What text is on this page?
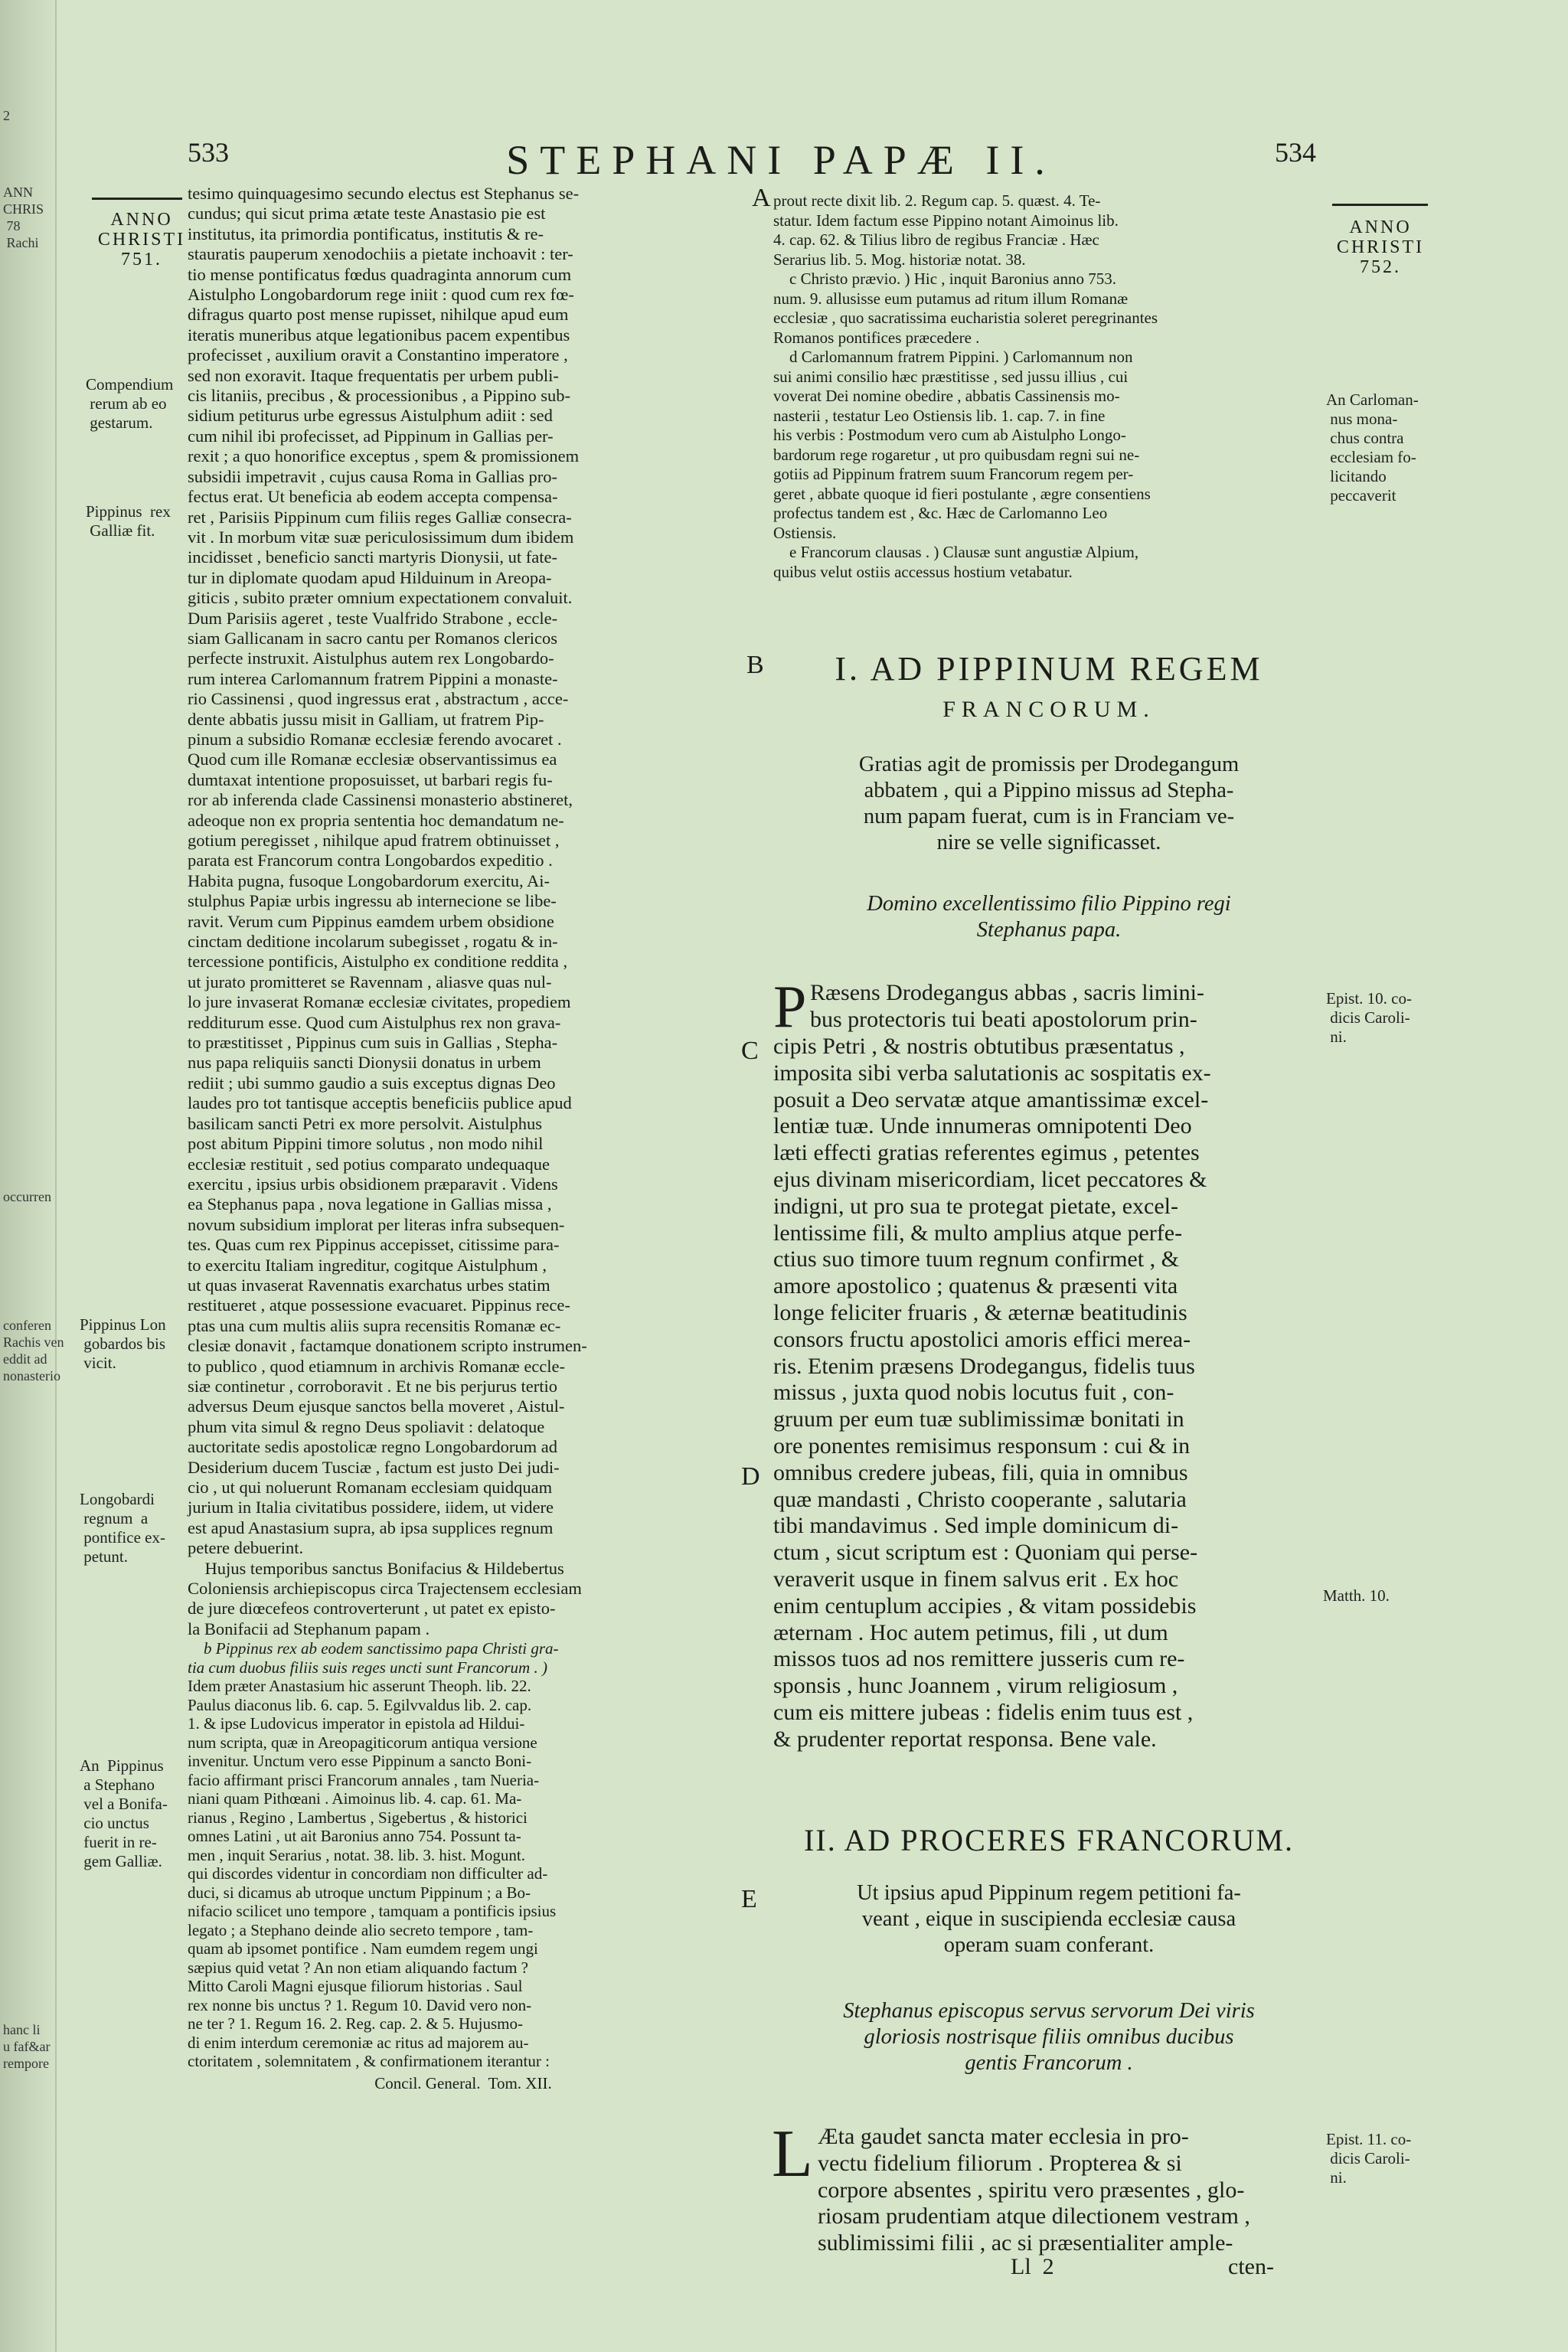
2
ANN
CHRIS
78
Rachi
occurren
conferen
Rachis ven
eddit ad
nonasterio
hanc li
u faf&ar
rempore
533	STEPHANI PAPÆ II.	534
ANNO
CHRISTI
751.
ANNO
CHRISTI
752.
Compendium
rerum ab eo
gestarum.
Pippinus  rex
Galliæ fit.
Pippinus Lon
gobardos bis
vicit.
Longobardi
regnum  a
pontifice ex-
petunt.
An  Pippinus
a Stephano
vel a Bonifa-
cio unctus
fuerit in re-
gem Galliæ.
An Carloman-
nus mona-
chus contra
ecclesiam fo-
licitando
peccaverit
Epist. 10. co-
dicis Caroli-
ni.
Matth. 10.
Epist. 11. co-
dicis Caroli-
ni.
A
B
C
D
E

tesimo quinquagesimo secundo electus est Stephanus se-
cundus; qui sicut prima ætate teste Anastasio pie est
institutus, ita primordia pontificatus, institutis & re-
stauratis pauperum xenodochiis a pietate inchoavit : ter-
tio mense pontificatus fœdus quadraginta annorum cum
Aistulpho Longobardorum rege iniit : quod cum rex fœ-
difragus quarto post mense rupisset, nihilque apud eum
iteratis muneribus atque legationibus pacem expentibus
profecisset , auxilium oravit a Constantino imperatore ,
sed non exoravit. Itaque frequentatis per urbem publi-
cis litaniis, precibus , & processionibus , a Pippino sub-
sidium petiturus urbe egressus Aistulphum adiit : sed
cum nihil ibi profecisset, ad Pippinum in Gallias per-
rexit ; a quo honorifice exceptus , spem & promissionem
subsidii impetravit , cujus causa Roma in Gallias pro-
fectus erat. Ut beneficia ab eodem accepta compensa-
ret , Parisiis Pippinum cum filiis reges Galliæ consecra-
vit . In morbum vitæ suæ periculosissimum dum ibidem
incidisset , beneficio sancti martyris Dionysii, ut fate-
tur in diplomate quodam apud Hilduinum in Areopa-
giticis , subito præter omnium expectationem convaluit.
Dum Parisiis ageret , teste Vualfrido Strabone , eccle-
siam Gallicanam in sacro cantu per Romanos clericos
perfecte instruxit. Aistulphus autem rex Longobardo-
rum interea Carlomannum fratrem Pippini a monaste-
rio Cassinensi , quod ingressus erat , abstractum , acce-
dente abbatis jussu misit in Galliam, ut fratrem Pip-
pinum a subsidio Romanæ ecclesiæ ferendo avocaret .
Quod cum ille Romanæ ecclesiæ observantissimus ea
dumtaxat intentione proposuisset, ut barbari regis fu-
ror ab inferenda clade Cassinensi monasterio abstineret,
adeoque non ex propria sententia hoc demandatum ne-
gotium peregisset , nihilque apud fratrem obtinuisset ,
parata est Francorum contra Longobardos expeditio .
Habita pugna, fusoque Longobardorum exercitu, Ai-
stulphus Papiæ urbis ingressu ab internecione se libe-
ravit. Verum cum Pippinus eamdem urbem obsidione
cinctam deditione incolarum subegisset , rogatu & in-
tercessione pontificis, Aistulpho ex conditione reddita ,
ut jurato promitteret se Ravennam , aliasve quas nul-
lo jure invaserat Romanæ ecclesiæ civitates, propediem
redditurum esse. Quod cum Aistulphus rex non grava-
to præstitisset , Pippinus cum suis in Gallias , Stepha-
nus papa reliquiis sancti Dionysii donatus in urbem
rediit ; ubi summo gaudio a suis exceptus dignas Deo
laudes pro tot tantisque acceptis beneficiis publice apud
basilicam sancti Petri ex more persolvit. Aistulphus
post abitum Pippini timore solutus , non modo nihil
ecclesiæ restituit , sed potius comparato undequaque
exercitu , ipsius urbis obsidionem præparavit . Videns
ea Stephanus papa , nova legatione in Gallias missa ,
novum subsidium implorat per literas infra subsequen-
tes. Quas cum rex Pippinus accepisset, citissime para-
to exercitu Italiam ingreditur, cogitque Aistulphum ,
ut quas invaserat Ravennatis exarchatus urbes statim
restitueret , atque possessione evacuaret. Pippinus rece-
ptas una cum multis aliis supra recensitis Romanæ ec-
clesiæ donavit , factamque donationem scripto instrumen-
to publico , quod etiamnum in archivis Romanæ eccle-
siæ continetur , corroboravit . Et ne bis perjurus tertio
adversus Deum ejusque sanctos bella moveret , Aistul-
phum vita simul & regno Deus spoliavit : delatoque
auctoritate sedis apostolicæ regno Longobardorum ad
Desiderium ducem Tusciæ , factum est justo Dei judi-
cio , ut qui noluerunt Romanam ecclesiam quidquam
jurium in Italia civitatibus possidere, iidem, ut videre
est apud Anastasium supra, ab ipsa supplices regnum
petere debuerint.
Hujus temporibus sanctus Bonifacius & Hildebertus
Coloniensis archiepiscopus circa Trajectensem ecclesiam
de jure diœcefeos controverterunt , ut patet ex episto-
la Bonifacii ad Stephanum papam .

b Pippinus rex ab eodem sanctissimo papa Christi gra-
tia cum duobus filiis suis reges uncti sunt Francorum . )

Idem præter Anastasium hic asserunt Theoph. lib. 22.
Paulus diaconus lib. 6. cap. 5. Egilvvaldus lib. 2. cap.
1. & ipse Ludovicus imperator in epistola ad Hildui-
num scripta, quæ in Areopagiticorum antiqua versione
invenitur. Unctum vero esse Pippinum a sancto Boni-
facio affirmant prisci Francorum annales , tam Nueria-
niani quam Pithœani . Aimoinus lib. 4. cap. 61. Ma-
rianus , Regino , Lambertus , Sigebertus , & historici
omnes Latini , ut ait Baronius anno 754. Possunt ta-
men , inquit Serarius , notat. 38. lib. 3. hist. Mogunt.
qui discordes videntur in concordiam non difficulter ad-
duci, si dicamus ab utroque unctum Pippinum ; a Bo-
nifacio scilicet uno tempore , tamquam a pontificis ipsius
legato ; a Stephano deinde alio secreto tempore , tam-
quam ab ipsomet pontifice . Nam eumdem regem ungi
sæpius quid vetat ? An non etiam aliquando factum ?
Mitto Caroli Magni ejusque filiorum historias . Saul
rex nonne bis unctus ? 1. Regum 10. David vero non-
ne ter ? 1. Regum 16. 2. Reg. cap. 2. & 5. Hujusmo-
di enim interdum ceremoniæ ac ritus ad majorem au-
ctoritatem , solemnitatem , & confirmationem iterantur :

Concil. General.  Tom. XII.

prout recte dixit lib. 2. Regum cap. 5. quæst. 4. Te-
statur. Idem factum esse Pippino notant Aimoinus lib.
4. cap. 62. & Tilius libro de regibus Franciæ . Hæc
Serarius lib. 5. Mog. historiæ notat. 38.
c Christo prævio. ) Hic , inquit Baronius anno 753.
num. 9. allusisse eum putamus ad ritum illum Romanæ
ecclesiæ , quo sacratissima eucharistia soleret peregrinantes
Romanos pontifices præcedere .
d Carlomannum fratrem Pippini. ) Carlomannum non
sui animi consilio hæc præstitisse , sed jussu illius , cui
voverat Dei nomine obedire , abbatis Cassinensis mo-
nasterii , testatur Leo Ostiensis lib. 1. cap. 7. in fine
his verbis : Postmodum vero cum ab Aistulpho Longo-
bardorum rege rogaretur , ut pro quibusdam regni sui ne-
gotiis ad Pippinum fratrem suum Francorum regem per-
geret , abbate quoque id fieri postulante , ægre consentiens
profectus tandem est , &c. Hæc de Carlomanno Leo
Ostiensis.
e Francorum clausas . ) Clausæ sunt angustiæ Alpium,
quibus velut ostiis accessus hostium vetabatur.

I. AD PIPPINUM REGEM
FRANCORUM.

Gratias agit de promissis per Drodegangum
abbatem , qui a Pippino missus ad Stepha-
num papam fuerat, cum is in Franciam ve-
nire se velle significasset.

Domino excellentissimo filio Pippino regi
Stephanus papa.

P Ræsens Drodegangus abbas , sacris limini-
bus protectoris tui beati apostolorum prin-

cipis Petri , & nostris obtutibus præsentatus ,
imposita sibi verba salutationis ac sospitatis ex-
posuit a Deo servatæ atque amantissimæ excel-
lentiæ tuæ. Unde innumeras omnipotenti Deo
læti effecti gratias referentes egimus , petentes
ejus divinam misericordiam, licet peccatores &
indigni, ut pro sua te protegat pietate, excel-
lentissime fili, & multo amplius atque perfe-
ctius suo timore tuum regnum confirmet , &
amore apostolico ; quatenus & præsenti vita
longe feliciter fruaris , & æternæ beatitudinis
consors fructu apostolici amoris effici merea-
ris. Etenim præsens Drodegangus, fidelis tuus
missus , juxta quod nobis locutus fuit , con-
gruum per eum tuæ sublimissimæ bonitati in
ore ponentes remisimus responsum : cui & in
omnibus credere jubeas, fili, quia in omnibus
quæ mandasti , Christo cooperante , salutaria
tibi mandavimus . Sed imple dominicum di-
ctum , sicut scriptum est : Quoniam qui perse-
veraverit usque in finem salvus erit . Ex hoc
enim centuplum accipies , & vitam possidebis
æternam . Hoc autem petimus, fili , ut dum
missos tuos ad nos remittere jusseris cum re-
sponsis , hunc Joannem , virum religiosum ,
cum eis mittere jubeas : fidelis enim tuus est ,
& prudenter reportat responsa. Bene vale.

II. AD PROCERES FRANCORUM.

Ut ipsius apud Pippinum regem petitioni fa-
veant , eique in suscipienda ecclesiæ causa
operam suam conferant.

Stephanus episcopus servus servorum Dei viris
gloriosis nostrisque filiis omnibus ducibus
gentis Francorum .

L Æta gaudet sancta mater ecclesia in pro-
vectu fidelium filiorum . Propterea & si
corpore absentes , spiritu vero præsentes , glo-
riosam prudentiam atque dilectionem vestram ,
sublimissimi filii , ac si præsentialiter ample-

Ll  2	cten-
